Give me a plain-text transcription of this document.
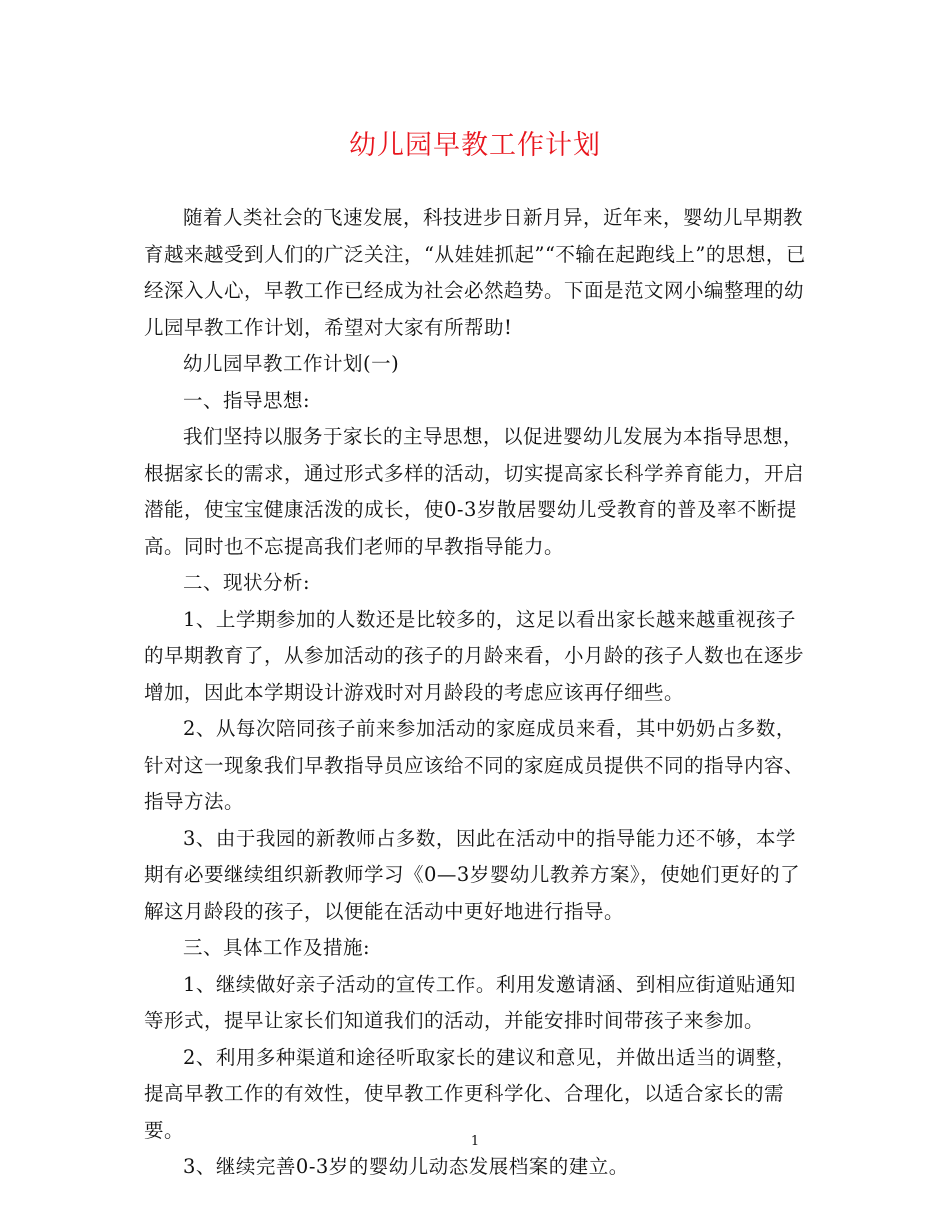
幼儿园早教工作计划

随着人类社会的飞速发展，科技进步日新月异，近年来，婴幼儿早期教育越来越受到人们的广泛关注，“从娃娃抓起”“不输在起跑线上”的思想，已经深入人心，早教工作已经成为社会必然趋势。下面是范文网小编整理的幼儿园早教工作计划，希望对大家有所帮助!

幼儿园早教工作计划(一)

一、指导思想:

我们坚持以服务于家长的主导思想，以促进婴幼儿发展为本指导思想，根据家长的需求，通过形式多样的活动，切实提高家长科学养育能力，开启潜能，使宝宝健康活泼的成长，使0-3岁散居婴幼儿受教育的普及率不断提高。同时也不忘提高我们老师的早教指导能力。

二、现状分析:

1、上学期参加的人数还是比较多的，这足以看出家长越来越重视孩子的早期教育了，从参加活动的孩子的月龄来看，小月龄的孩子人数也在逐步增加，因此本学期设计游戏时对月龄段的考虑应该再仔细些。

2、从每次陪同孩子前来参加活动的家庭成员来看，其中奶奶占多数，针对这一现象我们早教指导员应该给不同的家庭成员提供不同的指导内容、指导方法。

3、由于我园的新教师占多数，因此在活动中的指导能力还不够，本学期有必要继续组织新教师学习《0—3岁婴幼儿教养方案》，使她们更好的了解这月龄段的孩子，以便能在活动中更好地进行指导。

三、具体工作及措施:

1、继续做好亲子活动的宣传工作。利用发邀请涵、到相应街道贴通知等形式，提早让家长们知道我们的活动，并能安排时间带孩子来参加。

2、利用多种渠道和途径听取家长的建议和意见，并做出适当的调整，提高早教工作的有效性，使早教工作更科学化、合理化，以适合家长的需要。

3、继续完善0-3岁的婴幼儿动态发展档案的建立。

1
